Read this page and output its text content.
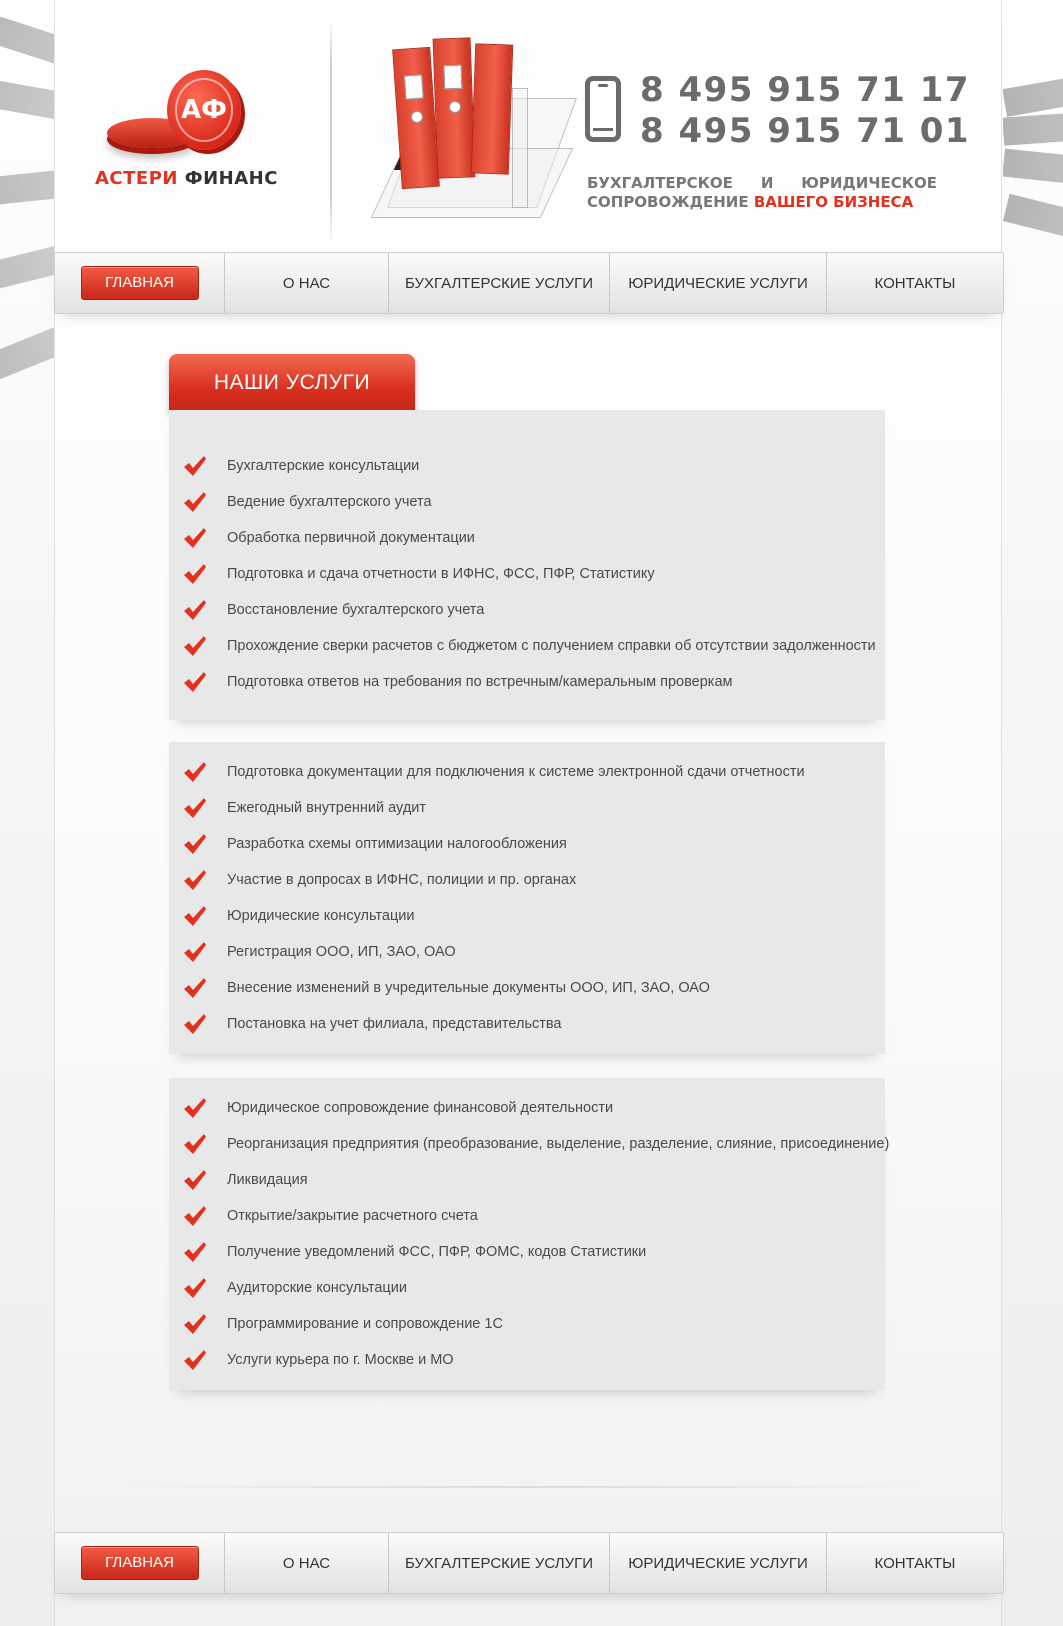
АФ
АСТЕРИ ФИНАНС
8 495 915 71 17
8 495 915 71 01
БУХГАЛТЕРСКОЕ И ЮРИДИЧЕСКОЕ
СОПРОВОЖДЕНИЕ ВАШЕГО БИЗНЕСА
ГЛАВНАЯ	О НАС	БУХГАЛТЕРСКИЕ УСЛУГИ	ЮРИДИЧЕСКИЕ УСЛУГИ	КОНТАКТЫ
НАШИ УСЛУГИ
Бухгалтерские консультации
Ведение бухгалтерского учета
Обработка первичной документации
Подготовка и сдача отчетности в ИФНС, ФСС, ПФР, Статистику
Восстановление бухгалтерского учета
Прохождение сверки расчетов с бюджетом с получением справки об отсутствии задолженности
Подготовка ответов на требования по встречным/камеральным проверкам
Подготовка документации для подключения к системе электронной сдачи отчетности
Ежегодный внутренний аудит
Разработка схемы оптимизации налогообложения
Участие в допросах в ИФНС, полиции и пр. органах
Юридические консультации
Регистрация ООО, ИП, ЗАО, ОАО
Внесение изменений в учредительные документы ООО, ИП, ЗАО, ОАО
Постановка на учет филиала, представительства
Юридическое сопровождение финансовой деятельности
Реорганизация предприятия (преобразование, выделение, разделение, слияние, присоединение)
Ликвидация
Открытие/закрытие расчетного счета
Получение уведомлений ФСС, ПФР, ФОМС, кодов Статистики
Аудиторские консультации
Программирование и сопровождение 1С
Услуги курьера по г. Москве и МО
ГЛАВНАЯ	О НАС	БУХГАЛТЕРСКИЕ УСЛУГИ	ЮРИДИЧЕСКИЕ УСЛУГИ	КОНТАКТЫ
